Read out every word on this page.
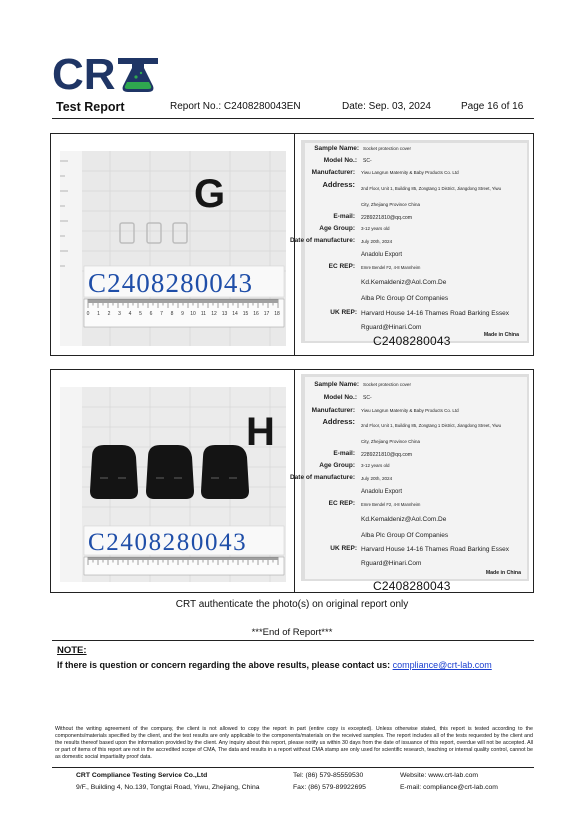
CR
Test Report	Report No.: C2408280043EN	Date: Sep. 03, 2024	Page 16 of 16
G
C2408280043
0 1 2 3 4 5 6 7 8 9 10 11 12 13 14 15 16 17 18
Sample Name: Socket protection cover
Model No.: SC-
Manufacturer: Yiwu Langrun Maternity & Baby Products Co. Ltd
Address: 2nd Floor, Unit 1, Building 85, Zongtang 1 District, Jiangdong Street, Yiwu
City, Zhejiang Province China
E-mail: 2289221810@qq.com
Age Group: 3-12 years old
Date of manufacture: July 20th, 2024
Anadolu Export
EC REP: Emre Bendel F2, 4-8 Mannheim
Kd.Kemaldeniz@Aol.Com.De
Alba Plc Group Of Companies
UK REP: Harvard House 14-16 Thames Road Barking Essex
Rguard@Hinari.Com
Made in China
C2408280043
H
C2408280043
Sample Name: Socket protection cover
Model No.: SC-
Manufacturer: Yiwu Langrun Maternity & Baby Products Co. Ltd
Address: 2nd Floor, Unit 1, Building 85, Zongtang 1 District, Jiangdong Street, Yiwu
City, Zhejiang Province China
E-mail: 2289221810@qq.com
Age Group: 3-12 years old
Date of manufacture: July 20th, 2024
Anadolu Export
EC REP: Emre Bendel F2, 4-8 Mannheim
Kd.Kemaldeniz@Aol.Com.De
Alba Plc Group Of Companies
UK REP: Harvard House 14-16 Thames Road Barking Essex
Rguard@Hinari.Com
Made in China
C2408280043
CRT authenticate the photo(s) on original report only
***End of Report***
NOTE:
If there is question or concern regarding the above results, please contact us: compliance@crt-lab.com
Without the writing agreement of the company, the client is not allowed to copy the report in part (entire copy is excepted). Unless otherwise stated, this report is tested according to the components/materials specified by the client, and the test results are only applicable to the components/materials on the received samples. The report includes all of the tests requested by the client and the results thereof based upon the information provided by the client. Any inquiry about this report, please notify us within 30 days from the date of issuance of this report, overdue will not be accepted. All or part of items of this report are not in the accredited scope of CMA, The data and results in a report without CMA stamp are only used for scientific research, teaching or internal quality control, cannot be as domestic social impartiality proof data.
CRT Compliance Testing Service Co.,Ltd
9/F., Building 4, No.139, Tongtai Road, Yiwu, Zhejiang, China
Tel: (86) 579-85559530
Fax: (86) 579-89922695
Website: www.crt-lab.com
E-mail: compliance@crt-lab.com
